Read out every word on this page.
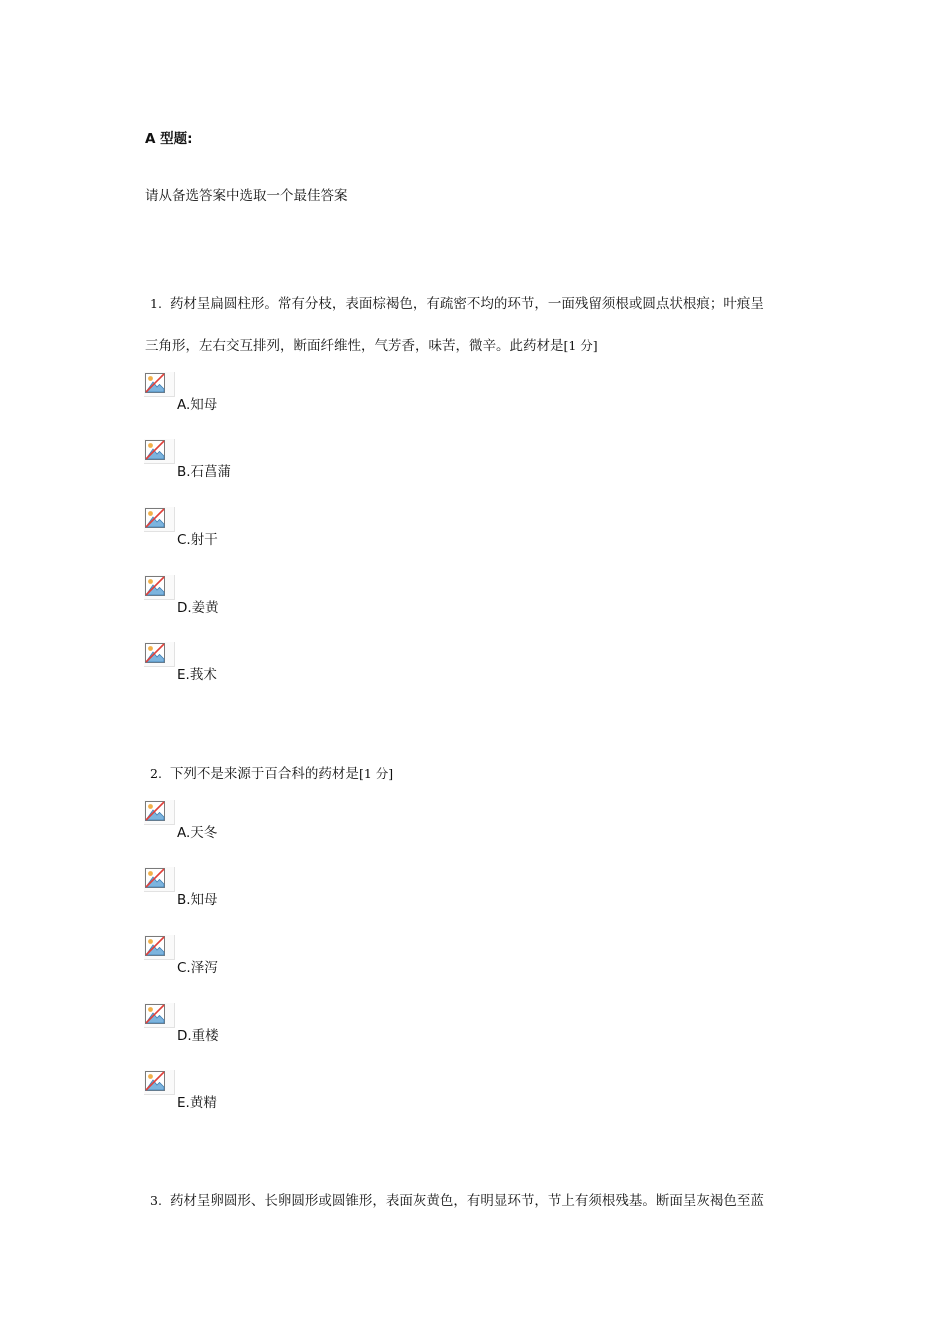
A 型题:
请从备选答案中选取一个最佳答案
1. 药材呈扁圆柱形。常有分枝，表面棕褐色，有疏密不均的环节，一面残留须根或圆点状根痕；叶痕呈
三角形，左右交互排列，断面纤维性，气芳香，味苦，微辛。此药材是[1 分]
A.知母
B.石菖蒲
C.射干
D.姜黄
E.莪术
2. 下列不是来源于百合科的药材是[1 分]
A.天冬
B.知母
C.泽泻
D.重楼
E.黄精
3. 药材呈卵圆形、长卵圆形或圆锥形，表面灰黄色，有明显环节，节上有须根残基。断面呈灰褐色至蓝
